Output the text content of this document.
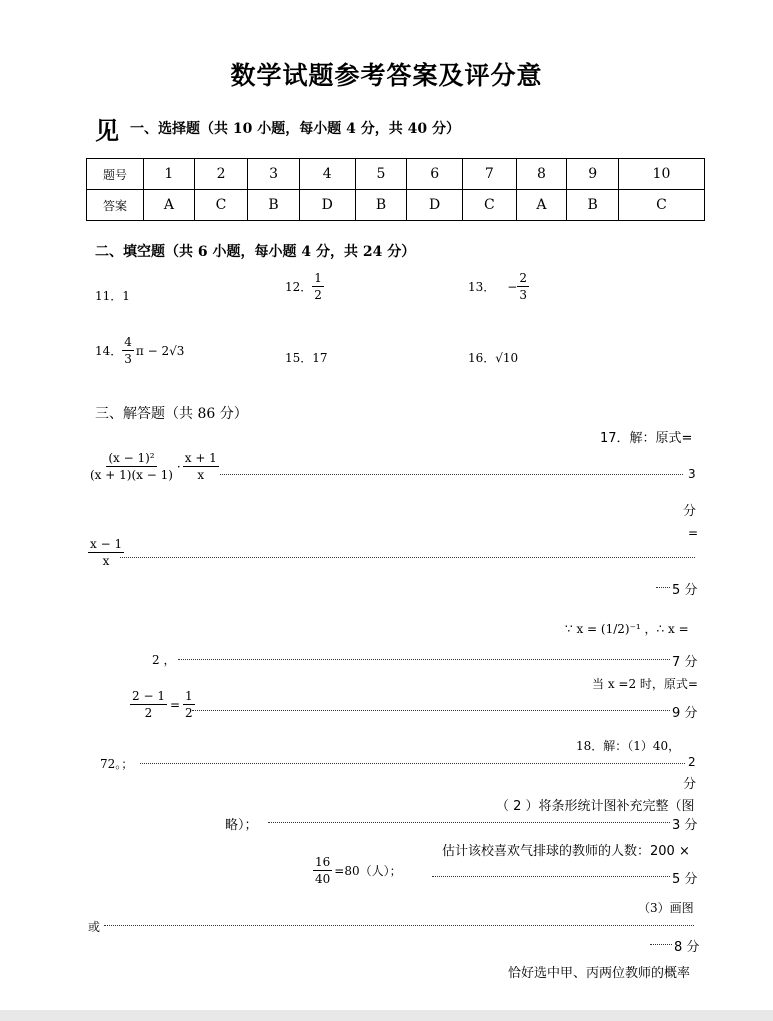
数学试题参考答案及评分意
见 一、选择题（共 10 小题，每小题 4 分，共 40 分）
题号	1	2	3	4	5	6	7	8	9	10
答案	A	C	B	D	B	D	C	A	B	C
二、填空题（共 6 小题，每小题 4 分，共 24 分）
11．1
12． $\frac{1}{2}$	13． − $\frac{2}{3}$
14． $\frac{4}{3}$ π − 2√3
15．17	16．√10
三、解答题（共 86 分）
17．解：原式=
$\frac{\text{(x − 1)²}}{(x + 1)(x - 1)} \cdot \frac{x + 1}{x}$	3
分
=
$\frac{x - 1}{x}$
5 分
∵ x = (1/2)⁻¹ ，∴ x =
2 ，	7 分
当 x =2 时，原式=
$\frac{2 - 1}{2} = \frac{1}{2}$	9 分
18．解：（1）40，
72。；	2
分
（ 2 ）将条形统计图补充完整（图
略）；	3 分
估计该校喜欢气排球的教师的人数：200 ×
$\frac{16}{40} =80$（人）；
5 分
（3）画图
或
8 分
恰好选中甲、丙两位教师的概率
